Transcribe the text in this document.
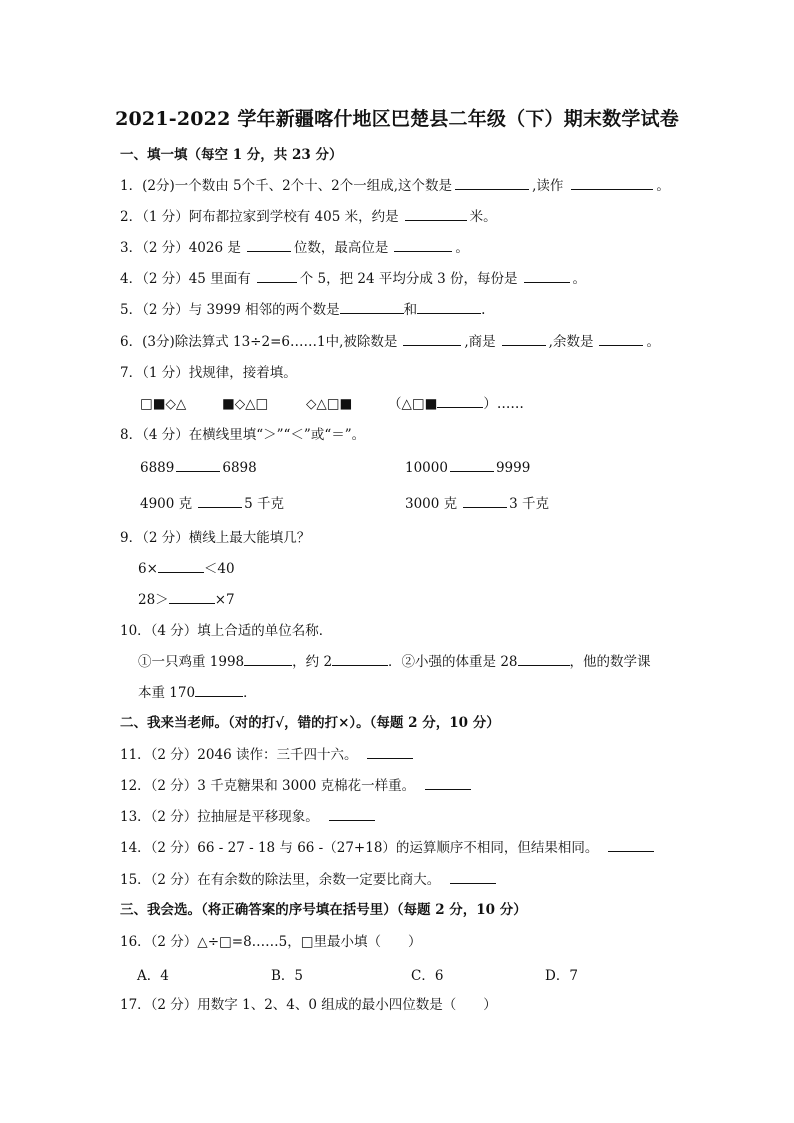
2021-2022 学年新疆喀什地区巴楚县二年级（下）期末数学试卷
一、填一填（每空 1 分，共 23 分）
1．(2分)一个数由 5个千、2个十、2个一组成,这个数是	,读作	。
2．（1 分）阿布都拉家到学校有 405 米，约是	米。
3．（2 分）4026 是	位数，最高位是	。
4．（2 分）45 里面有	个 5，把 24 平均分成 3 份，每份是	。
5．（2 分）与 3999 相邻的两个数是	和	.
6．(3分)除法算式 13÷2=6……1中,被除数是	,商是	,余数是	。
7．（1 分）找规律，接着填。
□■◇△	■◇△□	◇△□■	（△□■	）……
8．（4 分）在横线里填“＞”“＜”或“＝”。
6889	6898	10000	9999
4900 克	5 千克	3000 克	3 千克
9．（2 分）横线上最大能填几？
6×	＜40
28＞	×7
10．（4 分）填上合适的单位名称．
①一只鸡重 1998	，约 2	．②小强的体重是 28	，他的数学课
本重 170	．
二、我来当老师。（对的打√，错的打×）。（每题 2 分，10 分）
11．（2 分）2046 读作：三千四十六。
12．（2 分）3 千克糖果和 3000 克棉花一样重。
13．（2 分）拉抽屉是平移现象。
14．（2 分）66 - 27 - 18 与 66 -（27+18）的运算顺序不相同，但结果相同。
15．（2 分）在有余数的除法里，余数一定要比商大。
三、我会选。（将正确答案的序号填在括号里）（每题 2 分，10 分）
16．（2 分）△÷□=8……5，□里最小填（　　）
A．4	B．5	C．6	D．7
17．（2 分）用数字 1、2、4、0 组成的最小四位数是（　　）
